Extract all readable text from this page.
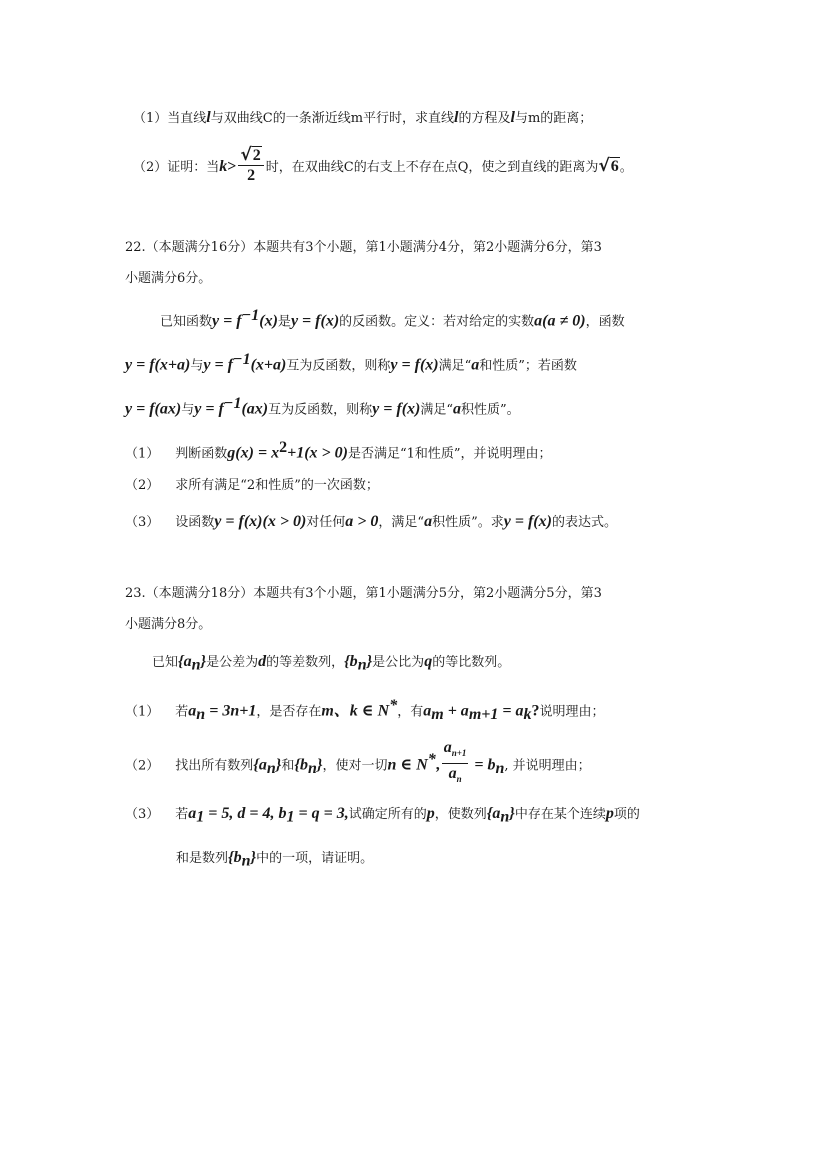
（1）当直线l与双曲线C的一条渐近线m平行时，求直线l的方程及l与m的距离；
（2）证明：当$k> \frac{√2}{2}$ 时，在双曲线C的右支上不存在点Q，使之到直线的距离为√6。
22.（本题满分16分）本题共有3个小题，第1小题满分4分，第2小题满分6分，第3
小题满分6分。
已知函数$y = f^{-1}(x)$是y = f(x)的反函数。定义：若对给定的实数a(a ≠ 0)，函数
y = f(x+a)与$y = f^{-1}(x+a)$互为反函数，则称y = f(x)满足“a和性质”；若函数
y = f(ax)与$y = f^{-1}(ax)$互为反函数，则称y = f(x)满足“a积性质”。
（1） 判断函数$g(x) = x^2+1(x > 0)$是否满足“1和性质”，并说明理由；
（2） 求所有满足“2和性质”的一次函数；
（3） 设函数y = f(x)(x > 0)对任何a > 0，满足“a积性质”。求y = f(x)的表达式。
23.（本题满分18分）本题共有3个小题，第1小题满分5分，第2小题满分5分，第3
小题满分8分。
已知$\{a_n\}$是公差为d的等差数列，$\{b_n\}$是公比为q的等比数列。
（1） 若$a_n = 3n+1$，是否存在m、k ∈ N*，有$a_m + a_{m+1} = a_k$?说明理由；
（2） 找出所有数列$\{a_n\}$和$\{b_n\}$，使对一切n ∈ N*, $\frac{a_{n+1}}{a_n} = b_n$, 并说明理由；
（3） 若$a_1 = 5$, d = 4, $b_1 = q = 3$,试确定所有的p，使数列$\{a_n\}$中存在某个连续p项的
和是数列$\{b_n\}$中的一项，请证明。
